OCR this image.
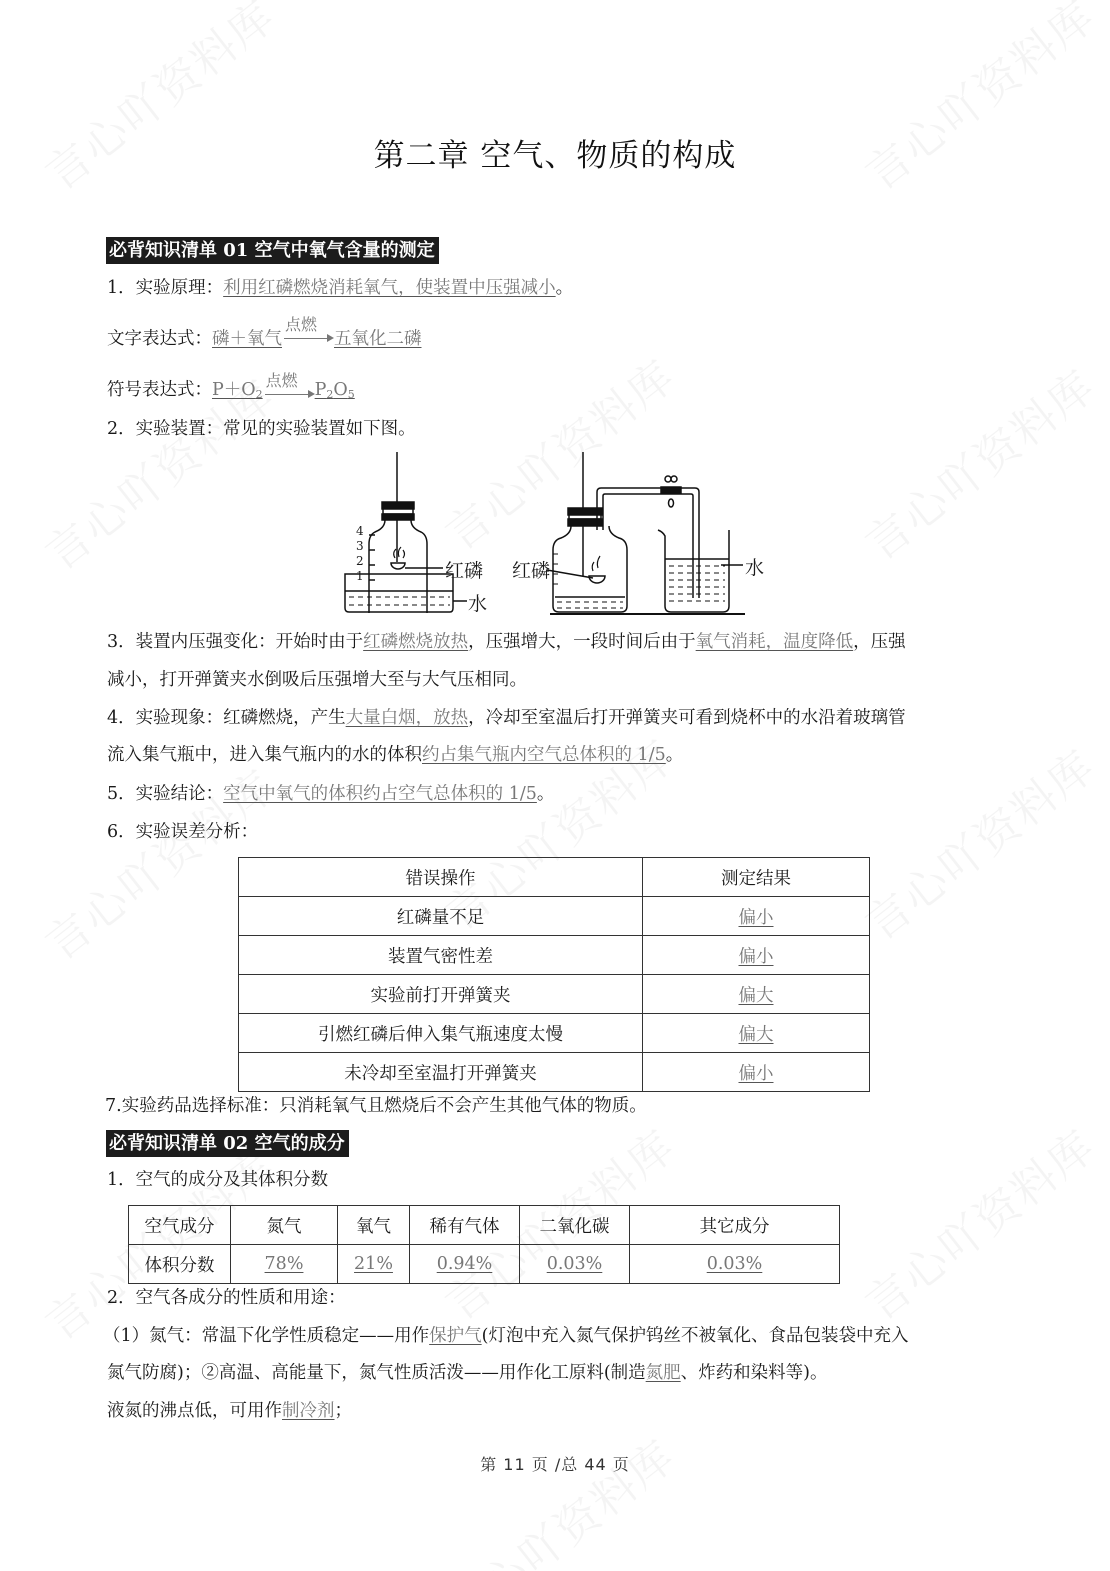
第二章 空气、物质的构成
必背知识清单 01 空气中氧气含量的测定
1．实验原理：利用红磷燃烧消耗氧气，使装置中压强减小。
文字表达式：磷＋氧气
点燃
五氧化二磷
符号表达式：$P+O_2$
点燃 $P_2O_5$
2．实验装置：常见的实验装置如下图。
4
3
2
1	红磷
水
红磷	水
3．装置内压强变化：开始时由于红磷燃烧放热，压强增大，一段时间后由于氧气消耗，温度降低，压强
减小，打开弹簧夹水倒吸后压强增大至与大气压相同。
4．实验现象：红磷燃烧，产生大量白烟，放热，冷却至室温后打开弹簧夹可看到烧杯中的水沿着玻璃管
流入集气瓶中，进入集气瓶内的水的体积约占集气瓶内空气总体积的 1/5。
5．实验结论：空气中氧气的体积约占空气总体积的 1/5。
6．实验误差分析：
错误操作	测定结果
红磷量不足	偏小
装置气密性差	偏小
实验前打开弹簧夹	偏大
引燃红磷后伸入集气瓶速度太慢	偏大
未冷却至室温打开弹簧夹	偏小
7.实验药品选择标准：只消耗氧气且燃烧后不会产生其他气体的物质。
必背知识清单 02 空气的成分
1．空气的成分及其体积分数
空气成分	氮气	氧气	稀有气体	二氧化碳	其它成分
体积分数	78%	21%	0.94%	0.03%	0.03%
2．空气各成分的性质和用途：
（1）氮气：常温下化学性质稳定——用作保护气(灯泡中充入氮气保护钨丝不被氧化、食品包装袋中充入
氮气防腐)；②高温、高能量下，氮气性质活泼——用作化工原料(制造氮肥、炸药和染料等)。
液氮的沸点低，可用作制冷剂；
第 11 页 /总 44 页
